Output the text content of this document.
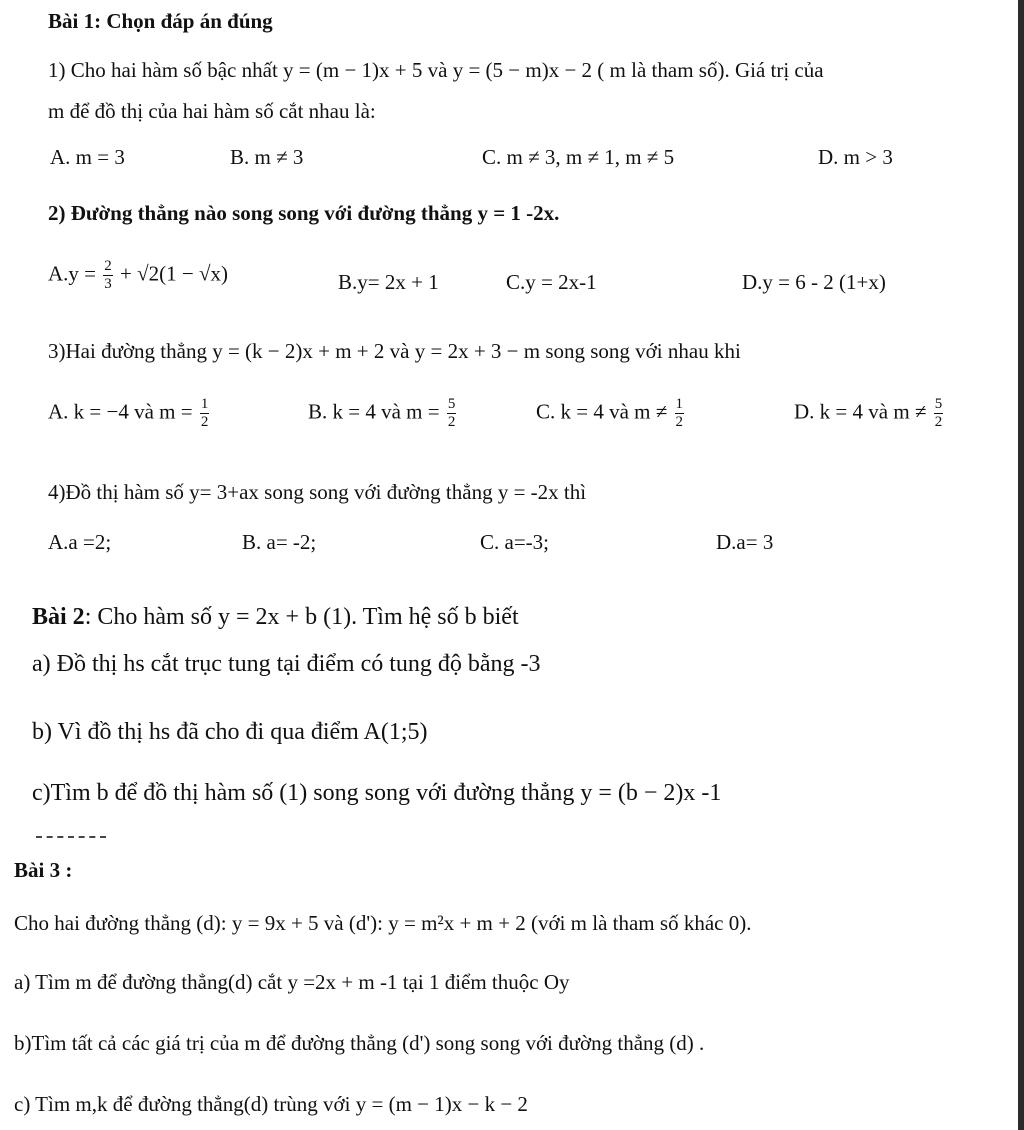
Bài 1: Chọn đáp án đúng
1) Cho hai hàm số bậc nhất y = (m − 1)x + 5 và y = (5 − m)x − 2 ( m là tham số). Giá trị của
m để đồ thị của hai hàm số cắt nhau là:
A. m = 3	B. m ≠ 3	C. m ≠ 3, m ≠ 1, m ≠ 5	D. m > 3
2) Đường thẳng nào song song với đường thẳng y = 1 -2x.
$A.y = \frac{2}{3} + √2(1 - √x)$	B.y= 2x + 1	C.y = 2x-1	D.y = 6 - 2 (1+x)
3)Hai đường thẳng y = (k − 2)x + m + 2 và y = 2x + 3 − m song song với nhau khi
A. k = −4 và $m = \frac{1}{2}$	B. k = 4 và $m = \frac{5}{2}$	C. k = 4 và $m \ne \frac{1}{2}$	D. k = 4 và $m \ne \frac{5}{2}$
4)Đồ thị hàm số y= 3+ax song song với đường thẳng y = -2x thì
A.a =2;	B. a= -2;	C. a=-3;	D.a= 3
Bài 2: Cho hàm số y = 2x + b (1). Tìm hệ số b biết
a) Đồ thị hs cắt trục tung tại điểm có tung độ bằng -3
b) Vì đồ thị hs đã cho đi qua điểm A(1;5)
c)Tìm b để đồ thị hàm số (1) song song với đường thẳng y = (b − 2)x -1
Bài 3 :
Cho hai đường thẳng (d): y = 9x + 5 và (d'): y = m²x + m + 2 (với m là tham số khác 0).
a) Tìm m để đường thẳng(d) cắt y =2x + m -1 tại 1 điểm thuộc Oy
b)Tìm tất cả các giá trị của m để đường thẳng (d') song song với đường thẳng (d) .
c) Tìm m,k để đường thẳng(d) trùng với y = (m − 1)x − k − 2
